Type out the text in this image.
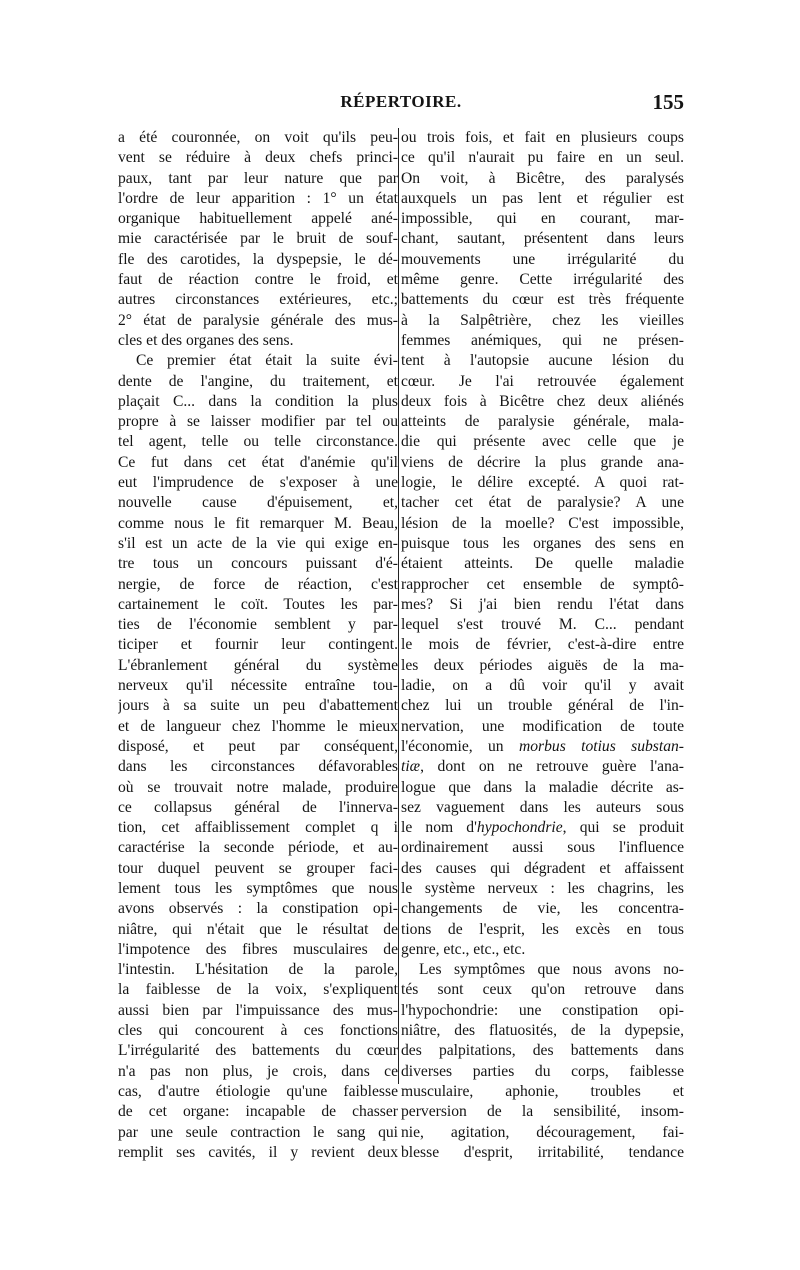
RÉPERTOIRE.	155
a été couronnée, on voit qu'ils peu-
vent se réduire à deux chefs princi-
paux, tant par leur nature que par
l'ordre de leur apparition : 1° un état
organique habituellement appelé ané-
mie caractérisée par le bruit de souf-
fle des carotides, la dyspepsie, le dé-
faut de réaction contre le froid, et
autres circonstances extérieures, etc.;
2° état de paralysie générale des mus-
cles et des organes des sens.
Ce premier état était la suite évi-
dente de l'angine, du traitement, et
plaçait C... dans la condition la plus
propre à se laisser modifier par tel ou
tel agent, telle ou telle circonstance.
Ce fut dans cet état d'anémie qu'il
eut l'imprudence de s'exposer à une
nouvelle cause d'épuisement, et,
comme nous le fit remarquer M. Beau,
s'il est un acte de la vie qui exige en-
tre tous un concours puissant d'é-
nergie, de force de réaction, c'est
cartainement le coït. Toutes les par-
ties de l'économie semblent y par-
ticiper et fournir leur contingent.
L'ébranlement général du système
nerveux qu'il nécessite entraîne tou-
jours à sa suite un peu d'abattement
et de langueur chez l'homme le mieux
disposé, et peut par conséquent,
dans les circonstances défavorables
où se trouvait notre malade, produire
ce collapsus général de l'innerva-
tion, cet affaiblissement complet q i
caractérise la seconde période, et au-
tour duquel peuvent se grouper faci-
lement tous les symptômes que nous
avons observés : la constipation opi-
niâtre, qui n'était que le résultat de
l'impotence des fibres musculaires de
l'intestin. L'hésitation de la parole,
la faiblesse de la voix, s'expliquent
aussi bien par l'impuissance des mus-
cles qui concourent à ces fonctions
L'irrégularité des battements du cœur
n'a pas non plus, je crois, dans ce
cas, d'autre étiologie qu'une faiblesse
de cet organe: incapable de chasser
par une seule contraction le sang qui
remplit ses cavités, il y revient deux
ou trois fois, et fait en plusieurs coups
ce qu'il n'aurait pu faire en un seul.
On voit, à Bicêtre, des paralysés
auxquels un pas lent et régulier est
impossible, qui en courant, mar-
chant, sautant, présentent dans leurs
mouvements une irrégularité du
même genre. Cette irrégularité des
battements du cœur est très fréquente
à la Salpêtrière, chez les vieilles
femmes anémiques, qui ne présen-
tent à l'autopsie aucune lésion du
cœur. Je l'ai retrouvée également
deux fois à Bicêtre chez deux aliénés
atteints de paralysie générale, mala-
die qui présente avec celle que je
viens de décrire la plus grande ana-
logie, le délire excepté. A quoi rat-
tacher cet état de paralysie? A une
lésion de la moelle? C'est impossible,
puisque tous les organes des sens en
étaient atteints. De quelle maladie
rapprocher cet ensemble de symptô-
mes? Si j'ai bien rendu l'état dans
lequel s'est trouvé M. C... pendant
le mois de février, c'est-à-dire entre
les deux périodes aiguës de la ma-
ladie, on a dû voir qu'il y avait
chez lui un trouble général de l'in-
nervation, une modification de toute
l'économie, un morbus totius substan-
tiæ, dont on ne retrouve guère l'ana-
logue que dans la maladie décrite as-
sez vaguement dans les auteurs sous
le nom d'hypochondrie, qui se produit
ordinairement aussi sous l'influence
des causes qui dégradent et affaissent
le système nerveux : les chagrins, les
changements de vie, les concentra-
tions de l'esprit, les excès en tous
genre, etc., etc., etc.
Les symptômes que nous avons no-
tés sont ceux qu'on retrouve dans
l'hypochondrie: une constipation opi-
niâtre, des flatuosités, de la dypepsie,
des palpitations, des battements dans
diverses parties du corps, faiblesse
musculaire, aphonie, troubles et
perversion de la sensibilité, insom-
nie, agitation, découragement, fai-
blesse d'esprit, irritabilité, tendance
